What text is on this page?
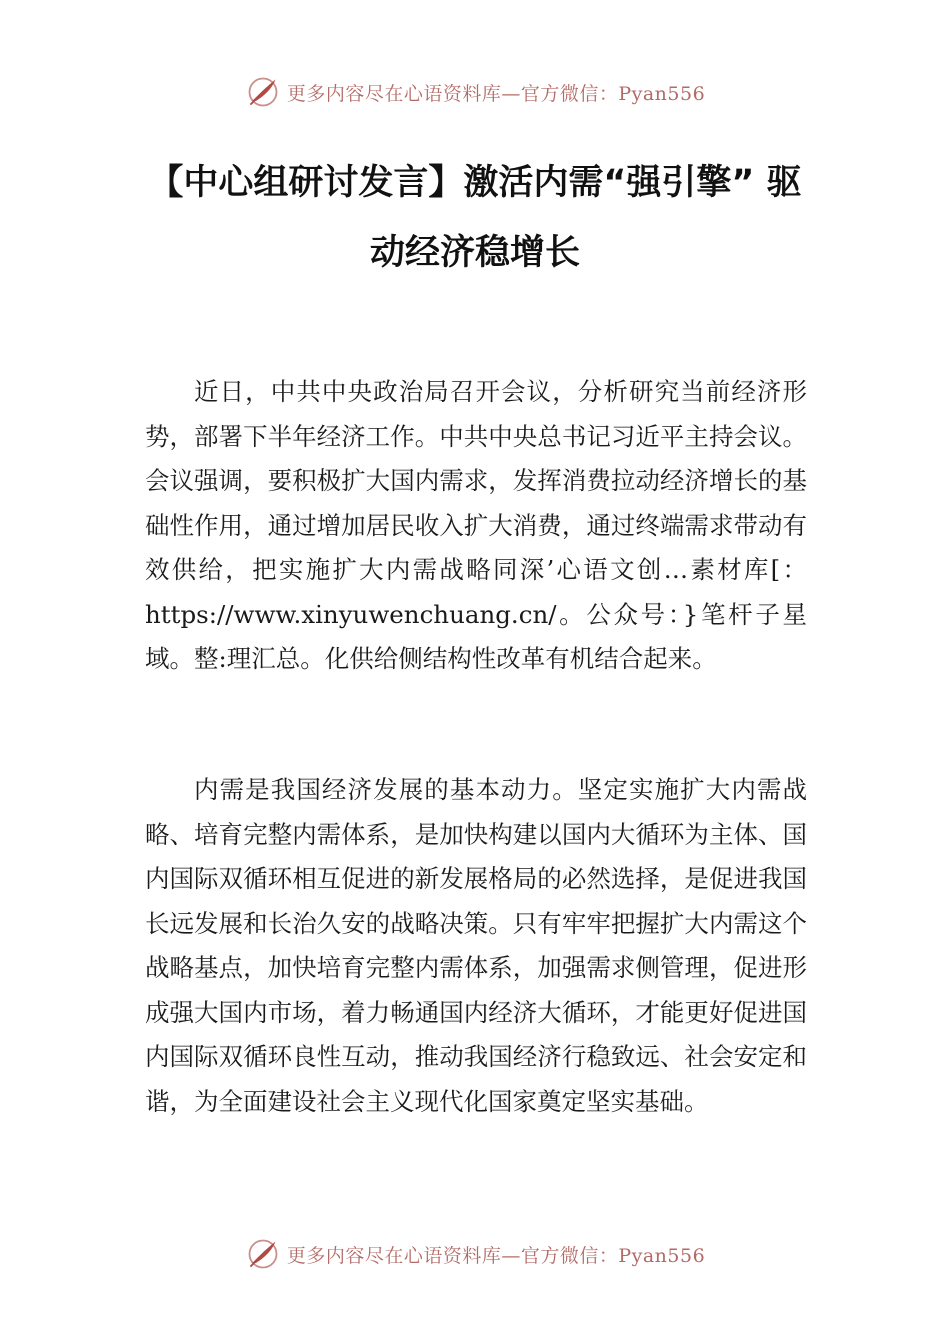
更多内容尽在心语资料库—官方微信：Pyan556
【中心组研讨发言】激活内需“强引擎” 驱
动经济稳增长

近日，中共中央政治局召开会议，分析研究当前经济形势，部署下半年经济工作。中共中央总书记习近平主持会议。会议强调，要积极扩大国内需求，发挥消费拉动经济增长的基础性作用，通过增加居民收入扩大消费，通过终端需求带动有效供给，把实施扩大内需战略同深’心语文创…素材库[：https://www.xinyuwenchuang.cn/。公众号：}笔杆子星域。整:理汇总。化供给侧结构性改革有机结合起来。

内需是我国经济发展的基本动力。坚定实施扩大内需战略、培育完整内需体系，是加快构建以国内大循环为主体、国内国际双循环相互促进的新发展格局的必然选择，是促进我国长远发展和长治久安的战略决策。只有牢牢把握扩大内需这个战略基点，加快培育完整内需体系，加强需求侧管理，促进形成强大国内市场，着力畅通国内经济大循环，才能更好促进国内国际双循环良性互动，推动我国经济行稳致远、社会安定和谐，为全面建设社会主义现代化国家奠定坚实基础。

更多内容尽在心语资料库—官方微信：Pyan556
